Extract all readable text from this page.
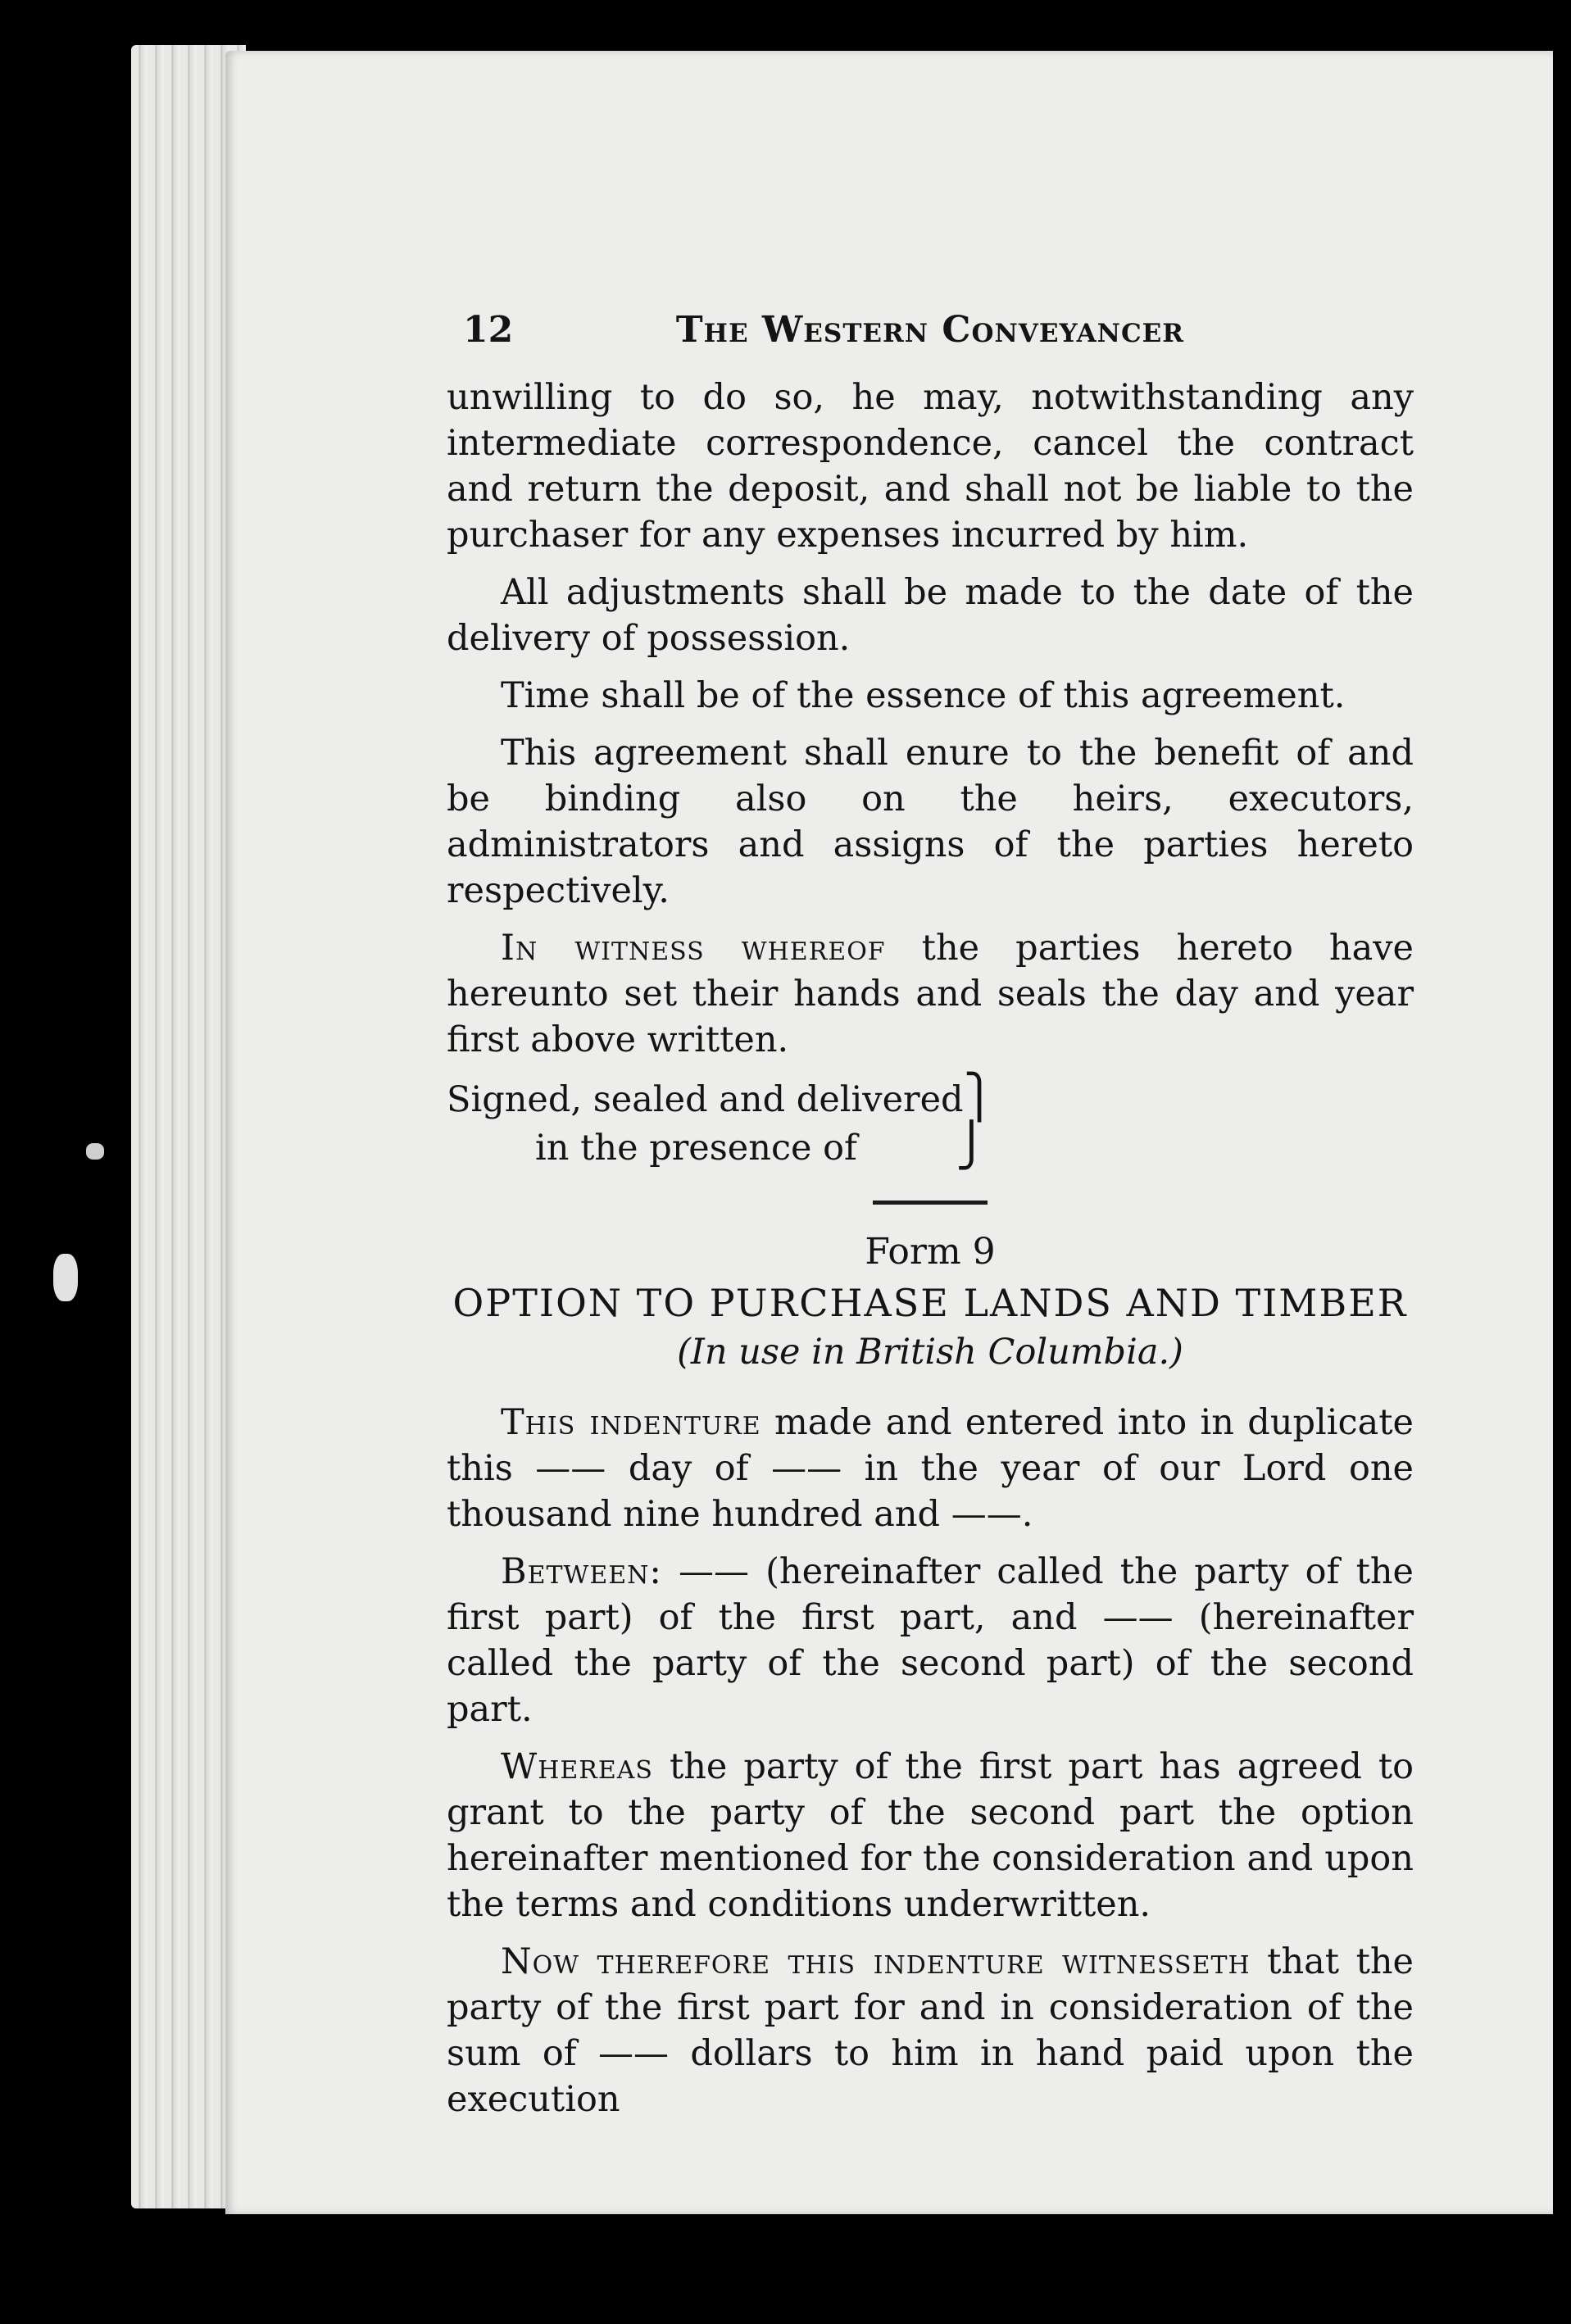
12	The Western Conveyancer

unwilling to do so, he may, notwithstanding any intermediate correspondence, cancel the contract and return the deposit, and shall not be liable to the purchaser for any expenses incurred by him.

All adjustments shall be made to the date of the delivery of possession.

Time shall be of the essence of this agreement.

This agreement shall enure to the benefit of and be binding also on the heirs, executors, administrators and assigns of the parties hereto respectively.

In witness whereof the parties hereto have hereunto set their hands and seals the day and year first above written.

Signed, sealed and delivered⎫
in the presence of ⎭
Form 9
OPTION TO PURCHASE LANDS AND TIMBER
(In use in British Columbia.)

This indenture made and entered into in duplicate this —— day of —— in the year of our Lord one thousand nine hundred and ——.

Between: —— (hereinafter called the party of the first part) of the first part, and —— (hereinafter called the party of the second part) of the second part.

Whereas the party of the first part has agreed to grant to the party of the second part the option hereinafter mentioned for the consideration and upon the terms and conditions underwritten.

Now therefore this indenture witnesseth that the party of the first part for and in consideration of the sum of —— dollars to him in hand paid upon the execution
